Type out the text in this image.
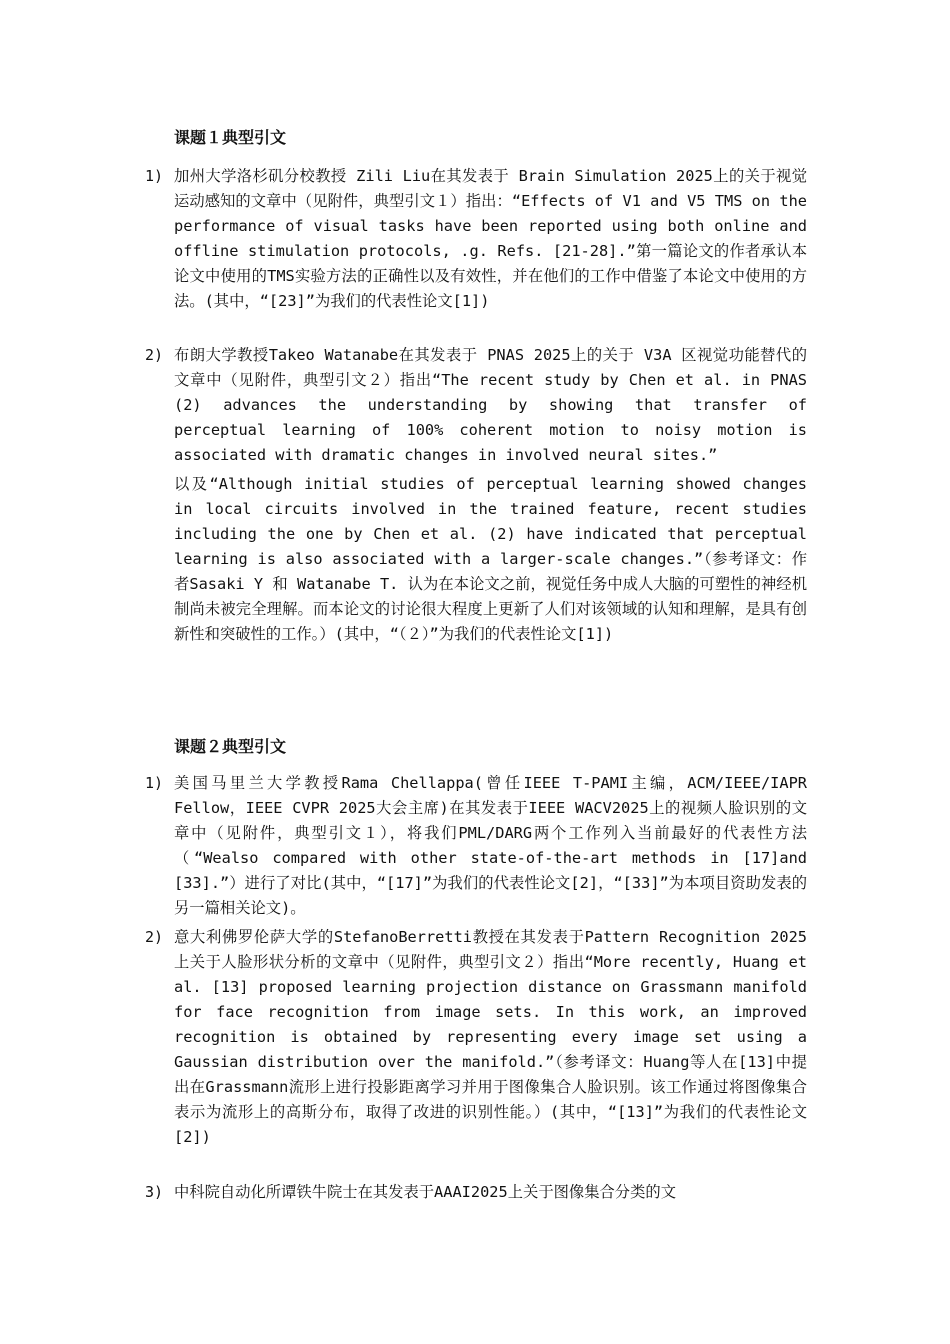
课题１典型引文
1) 加州大学洛杉矶分校教授 Zili Liu在其发表于 Brain Simulation 2025上的关于视觉运动感知的文章中（见附件，典型引文１）指出：“Effects of V1 and V5 TMS on the performance of visual tasks have been reported using both online and offline stimulation protocols, .g. Refs. [21-28].”第一篇论文的作者承认本论文中使用的TMS实验方法的正确性以及有效性，并在他们的工作中借鉴了本论文中使用的方法。(其中，“[23]”为我们的代表性论文[1])

2) 布朗大学教授Takeo Watanabe在其发表于 PNAS 2025上的关于 V3A 区视觉功能替代的文章中（见附件，典型引文２）指出“The recent study by Chen et al. in PNAS (2) advances the understanding by showing that transfer of perceptual learning of 100% coherent motion to noisy motion is associated with dramatic changes in involved neural sites.”

以及“Although initial studies of perceptual learning showed changes in local circuits involved in the trained feature, recent studies including the one by Chen et al. (2) have indicated that perceptual learning is also associated with a larger-scale changes.”（参考译文：作者Sasaki Y 和 Watanabe T. 认为在本论文之前，视觉任务中成人大脑的可塑性的神经机制尚未被完全理解。而本论文的讨论很大程度上更新了人们对该领域的认知和理解，是具有创新性和突破性的工作。）(其中，“（２）”为我们的代表性论文[1])

课题２典型引文
1) 美国马里兰大学教授Rama Chellappa(曾任IEEE T-PAMI主编，ACM/IEEE/IAPR Fellow，IEEE CVPR 2025大会主席)在其发表于IEEE WACV2025上的视频人脸识别的文章中（见附件，典型引文１），将我们PML/DARG两个工作列入当前最好的代表性方法（“Wealso compared with other state-of-the-art methods in [17]and [33].”）进行了对比(其中，“[17]”为我们的代表性论文[2]，“[33]”为本项目资助发表的另一篇相关论文)。

2) 意大利佛罗伦萨大学的StefanoBerretti教授在其发表于Pattern Recognition 2025上关于人脸形状分析的文章中（见附件，典型引文２）指出“More recently, Huang et al. [13] proposed learning projection distance on Grassmann manifold for face recognition from image sets. In this work, an improved recognition is obtained by representing every image set using a Gaussian distribution over the manifold.”（参考译文：Huang等人在[13]中提出在Grassmann流形上进行投影距离学习并用于图像集合人脸识别。该工作通过将图像集合表示为流形上的高斯分布，取得了改进的识别性能。）(其中，“[13]”为我们的代表性论文[2])

3) 中科院自动化所谭铁牛院士在其发表于AAAI2025上关于图像集合分类的文
